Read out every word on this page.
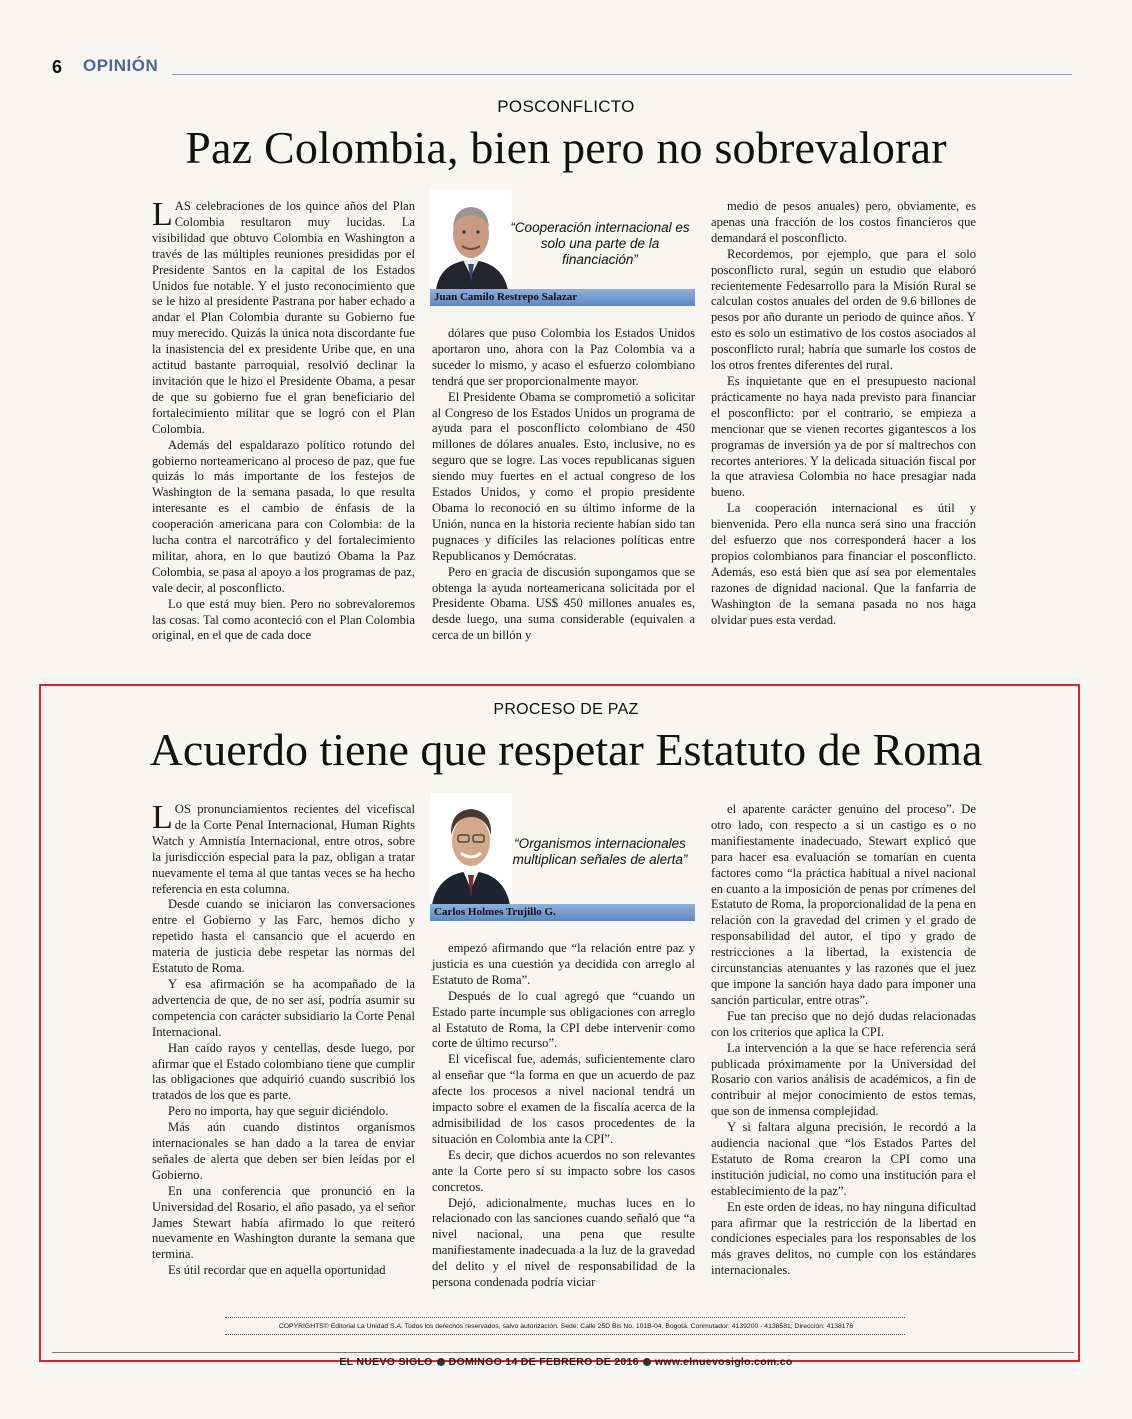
6 OPINIÓN
POSCONFLICTO
Paz Colombia, bien pero no sobrevalorar

LAS celebraciones de los quince años del Plan Colombia resultaron muy lucidas. La visibilidad que obtuvo Colombia en Washington a través de las múltiples reuniones presididas por el Presidente Santos en la capital de los Estados Unidos fue notable. Y el justo reconocimiento que se le hizo al presidente Pastrana por haber echado a andar el Plan Colombia durante su Gobierno fue muy merecido. Quizás la única nota discordante fue la inasistencia del ex presidente Uribe que, en una actitud bastante parroquial, resolvió declinar la invitación que le hizo el Presidente Obama, a pesar de que su gobierno fue el gran beneficiario del fortalecimiento militar que se logró con el Plan Colombia.

Además del espaldarazo político rotundo del gobierno norteamericano al proceso de paz, que fue quizás lo más importante de los festejos de Washington de la semana pasada, lo que resulta interesante es el cambio de énfasis de la cooperación americana para con Colombia: de la lucha contra el narcotráfico y del fortalecimiento militar, ahora, en lo que bautizó Obama la Paz Colombia, se pasa al apoyo a los programas de paz, vale decir, al posconflicto.

Lo que está muy bien. Pero no sobrevaloremos las cosas. Tal como aconteció con el Plan Colombia original, en el que de cada doce

“Cooperación internacional es solo una parte de la financiación”
Juan Camilo Restrepo Salazar

dólares que puso Colombia los Estados Unidos aportaron uno, ahora con la Paz Colombia va a suceder lo mismo, y acaso el esfuerzo colombiano tendrá que ser proporcionalmente mayor.

El Presidente Obama se comprometió a solicitar al Congreso de los Estados Unidos un programa de ayuda para el posconflicto colombiano de 450 millones de dólares anuales. Esto, inclusive, no es seguro que se logre. Las voces republicanas siguen siendo muy fuertes en el actual congreso de los Estados Unidos, y como el propio presidente Obama lo reconoció en su último informe de la Unión, nunca en la historia reciente habían sido tan pugnaces y difíciles las relaciones políticas entre Republicanos y Demócratas.

Pero en gracia de discusión supongamos que se obtenga la ayuda norteamericana solicitada por el Presidente Obama. US$ 450 millones anuales es, desde luego, una suma considerable (equivalen a cerca de un billón y

medio de pesos anuales) pero, obviamente, es apenas una fracción de los costos financieros que demandará el posconflicto.

Recordemos, por ejemplo, que para el solo posconflicto rural, según un estudio que elaboró recientemente Fedesarrollo para la Misión Rural se calculan costos anuales del orden de 9.6 billones de pesos por año durante un periodo de quince años. Y esto es solo un estimativo de los costos asociados al posconflicto rural; habría que sumarle los costos de los otros frentes diferentes del rural.

Es inquietante que en el presupuesto nacional prácticamente no haya nada previsto para financiar el posconflicto: por el contrario, se empieza a mencionar que se vienen recortes gigantescos a los programas de inversión ya de por sí maltrechos con recortes anteriores. Y la delicada situación fiscal por la que atraviesa Colombia no hace presagiar nada bueno.

La cooperación internacional es útil y bienvenida. Pero ella nunca será sino una fracción del esfuerzo que nos corresponderá hacer a los propios colombianos para financiar el posconflicto. Además, eso está bien que así sea por elementales razones de dignidad nacional. Que la fanfarria de Washington de la semana pasada no nos haga olvidar pues esta verdad.

PROCESO DE PAZ
Acuerdo tiene que respetar Estatuto de Roma

LOS pronunciamientos recientes del vicefiscal de la Corte Penal Internacional, Human Rights Watch y Amnistía Internacional, entre otros, sobre la jurisdicción especial para la paz, obligan a tratar nuevamente el tema al que tantas veces se ha hecho referencia en esta columna.

Desde cuando se iniciaron las conversaciones entre el Gobierno y las Farc, hemos dicho y repetido hasta el cansancio que el acuerdo en materia de justicia debe respetar las normas del Estatuto de Roma.

Y esa afirmación se ha acompañado de la advertencia de que, de no ser así, podría asumir su competencia con carácter subsidiario la Corte Penal Internacional.

Han caído rayos y centellas, desde luego, por afirmar que el Estado colombiano tiene que cumplir las obligaciones que adquirió cuando suscribió los tratados de los que es parte.

Pero no importa, hay que seguir diciéndolo.

Más aún cuando distintos organismos internacionales se han dado a la tarea de enviar señales de alerta que deben ser bien leídas por el Gobierno.

En una conferencia que pronunció en la Universidad del Rosario, el año pasado, ya el señor James Stewart había afirmado lo que reiteró nuevamente en Washington durante la semana que termina.

Es útil recordar que en aquella oportunidad

“Organismos internacionales multiplican señales de alerta”
Carlos Holmes Trujillo G.

empezó afirmando que “la relación entre paz y justicia es una cuestión ya decidida con arreglo al Estatuto de Roma”.

Después de lo cual agregó que “cuando un Estado parte incumple sus obligaciones con arreglo al Estatuto de Roma, la CPI debe intervenir como corte de último recurso”.

El vicefiscal fue, además, suficientemente claro al enseñar que “la forma en que un acuerdo de paz afecte los procesos a nivel nacional tendrá un impacto sobre el examen de la fiscalía acerca de la admisibilidad de los casos procedentes de la situación en Colombia ante la CPI”.

Es decir, que dichos acuerdos no son relevantes ante la Corte pero sí su impacto sobre los casos concretos.

Dejó, adicionalmente, muchas luces en lo relacionado con las sanciones cuando señaló que “a nivel nacional, una pena que resulte manifiestamente inadecuada a la luz de la gravedad del delito y el nivel de responsabilidad de la persona condenada podría viciar

el aparente carácter genuino del proceso”. De otro lado, con respecto a si un castigo es o no manifiestamente inadecuado, Stewart explicó que para hacer esa evaluación se tomarían en cuenta factores como “la práctica habitual a nivel nacional en cuanto a la imposición de penas por crímenes del Estatuto de Roma, la proporcionalidad de la pena en relación con la gravedad del crimen y el grado de responsabilidad del autor, el tipo y grado de restricciones a la libertad, la existencia de circunstancias atenuantes y las razones que el juez que impone la sanción haya dado para imponer una sanción particular, entre otras”.

Fue tan preciso que no dejó dudas relacionadas con los criterios que aplica la CPI.

La intervención a la que se hace referencia será publicada próximamente por la Universidad del Rosario con varios análisis de académicos, a fin de contribuir al mejor conocimiento de estos temas, que son de inmensa complejidad.

Y si faltara alguna precisión, le recordó a la audiencia nacional que “los Estados Partes del Estatuto de Roma crearon la CPI como una institución judicial, no como una institución para el establecimiento de la paz”.

En este orden de ideas, no hay ninguna dificultad para afirmar que la restricción de la libertad en condiciones especiales para los responsables de los más graves delitos, no cumple con los estándares internacionales.

COPYRIGHTS© Editorial La Unidad S.A. Todos los derechos reservados, salvo autorización. Sede: Calle 25D Bis No. 101B-04, Bogotá. Conmutador: 4139200 - 4138581; Dirección: 4138176
EL NUEVO SIGLO DOMINGO 14 DE FEBRERO DE 2016 www.elnuevosiglo.com.co
